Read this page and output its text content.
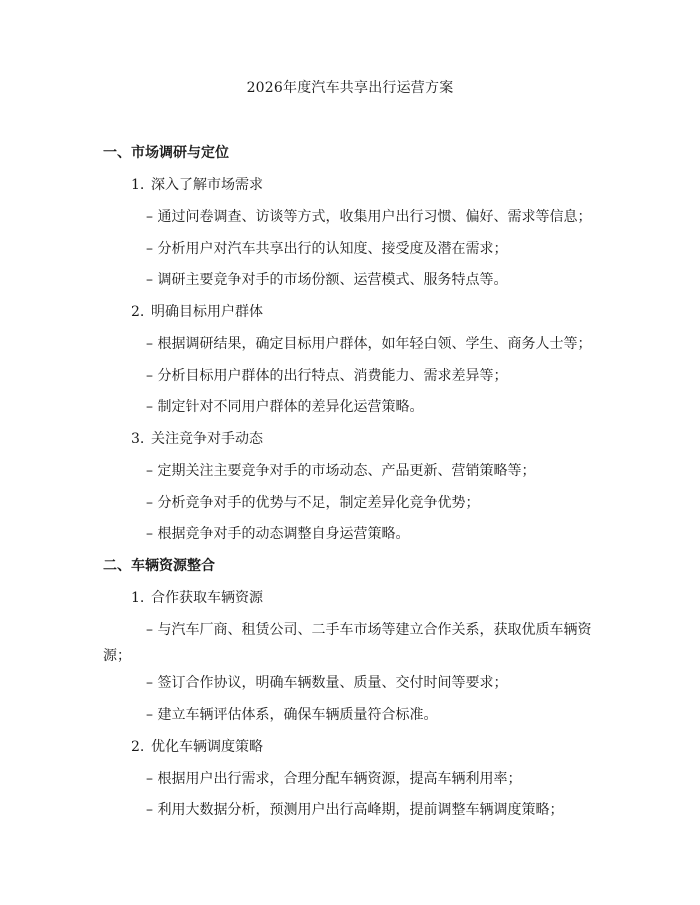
2026年度汽车共享出行运营方案
一、市场调研与定位
1. 深入了解市场需求
– 通过问卷调查、访谈等方式，收集用户出行习惯、偏好、需求等信息；
– 分析用户对汽车共享出行的认知度、接受度及潜在需求；
– 调研主要竞争对手的市场份额、运营模式、服务特点等。
2. 明确目标用户群体
– 根据调研结果，确定目标用户群体，如年轻白领、学生、商务人士等；
– 分析目标用户群体的出行特点、消费能力、需求差异等；
– 制定针对不同用户群体的差异化运营策略。
3. 关注竞争对手动态
– 定期关注主要竞争对手的市场动态、产品更新、营销策略等；
– 分析竞争对手的优势与不足，制定差异化竞争优势；
– 根据竞争对手的动态调整自身运营策略。
二、车辆资源整合
1. 合作获取车辆资源
– 与汽车厂商、租赁公司、二手车市场等建立合作关系，获取优质车辆资源；
– 签订合作协议，明确车辆数量、质量、交付时间等要求；
– 建立车辆评估体系，确保车辆质量符合标准。
2. 优化车辆调度策略
– 根据用户出行需求，合理分配车辆资源，提高车辆利用率；
– 利用大数据分析，预测用户出行高峰期，提前调整车辆调度策略；
